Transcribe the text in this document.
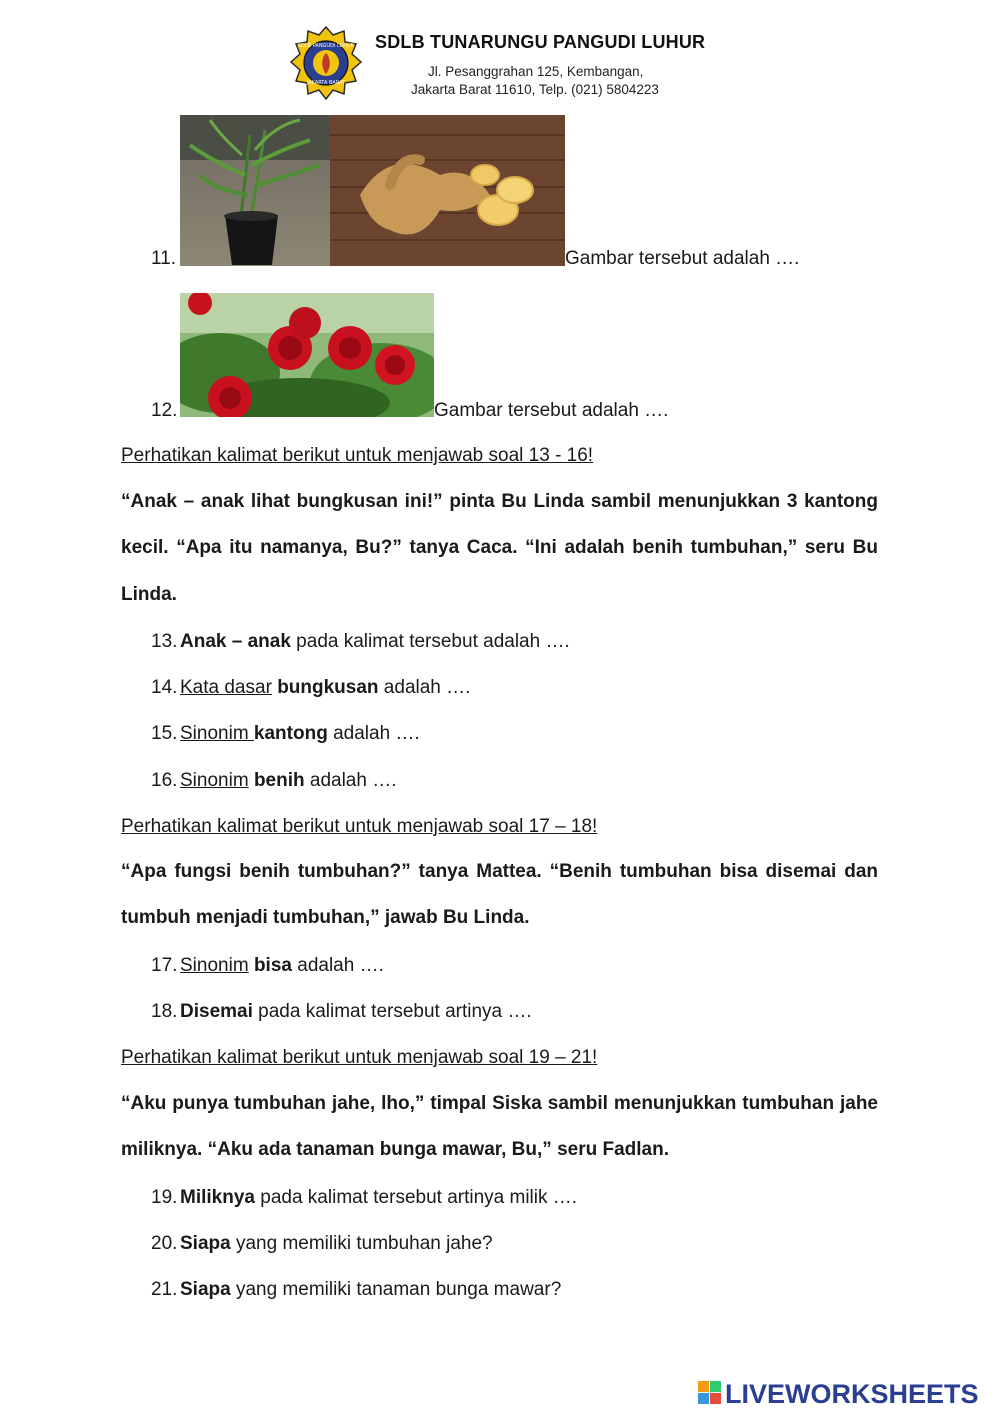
SDLB PANGUDI LUHUR
JAKARTA BARAT
SDLB TUNARUNGU PANGUDI LUHUR
Jl. Pesanggrahan 125, Kembangan,
Jakarta Barat 11610, Telp. (021) 5804223
11.	Gambar tersebut adalah ….
12.	Gambar tersebut adalah ….
Perhatikan kalimat berikut untuk menjawab soal 13 - 16!
“Anak – anak lihat bungkusan ini!” pinta Bu Linda sambil menunjukkan 3 kantong kecil. “Apa itu namanya, Bu?” tanya Caca. “Ini adalah benih tumbuhan,” seru Bu Linda.
13. Anak – anak pada kalimat tersebut adalah ….
14. Kata dasar bungkusan adalah ….
15. Sinonim kantong adalah ….
16. Sinonim benih adalah ….
Perhatikan kalimat berikut untuk menjawab soal 17 – 18!
“Apa fungsi benih tumbuhan?” tanya Mattea. “Benih tumbuhan bisa disemai dan tumbuh menjadi tumbuhan,” jawab Bu Linda.
17. Sinonim bisa adalah ….
18. Disemai pada kalimat tersebut artinya ….
Perhatikan kalimat berikut untuk menjawab soal 19 – 21!
“Aku punya tumbuhan jahe, lho,” timpal Siska sambil menunjukkan tumbuhan jahe miliknya. “Aku ada tanaman bunga mawar, Bu,” seru Fadlan.
19. Miliknya pada kalimat tersebut artinya milik ….
20. Siapa yang memiliki tumbuhan jahe?
21. Siapa yang memiliki tanaman bunga mawar?
LIVEWORKSHEETS
